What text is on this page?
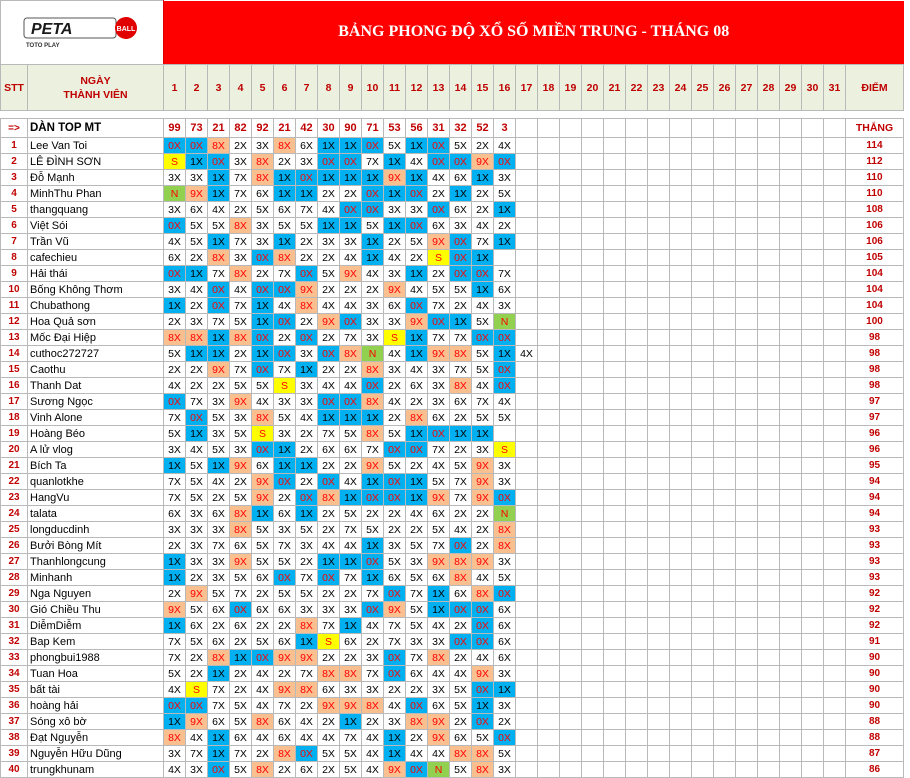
PETA BALL
TOTO PLAY		BẢNG PHONG ĐỘ XỔ SỐ MIỀN TRUNG - THÁNG 08																															
STT	NGÀY
THÀNH VIÊN	1	2	3	4	5	6	7	8	9	10	11	12	13	14	15	16	17	18	19	20	21	22	23	24	25	26	27	28	29	30	31	ĐIỂM

=>	DÀN TOP MT	99	73	21	82	92	21	42	30	90	71	53	56	31	32	52	3																THẮNG
1	Lee Van Toi	0X	0X	8X	2X	3X	8X	6X	1X	1X	0X	5X	1X	0X	5X	2X	4X																114
2	LÊ ĐÌNH SƠN	S	1X	0X	3X	8X	2X	3X	0X	0X	7X	1X	4X	0X	0X	9X	0X																112
3	Đỗ Mạnh	3X	3X	1X	7X	8X	1X	0X	1X	1X	1X	9X	1X	4X	6X	1X	3X																110
4	MinhThu Phan	N	9X	1X	7X	6X	1X	1X	2X	2X	0X	1X	0X	2X	1X	2X	5X																110
5	thangquang	3X	6X	4X	2X	5X	6X	7X	4X	0X	0X	3X	3X	0X	6X	2X	1X																108
6	Việt Sói	0X	5X	5X	8X	3X	5X	5X	1X	1X	5X	1X	0X	6X	3X	4X	2X																106
7	Trần Vũ	4X	5X	1X	7X	3X	1X	2X	3X	3X	1X	2X	5X	9X	0X	7X	1X																106
8	cafechieu	6X	2X	8X	3X	0X	8X	2X	2X	4X	1X	4X	2X	S	0X	1X																	105
9	Hải thái	0X	1X	7X	8X	2X	7X	0X	5X	9X	4X	3X	1X	2X	0X	0X	7X																104
10	Bống Không Thơm	3X	4X	0X	4X	0X	0X	9X	2X	2X	2X	9X	4X	5X	5X	1X	6X																104
11	Chubathong	1X	2X	0X	7X	1X	4X	8X	4X	4X	3X	6X	0X	7X	2X	4X	3X																104
12	Hoa Quả sơn	2X	3X	7X	5X	1X	0X	2X	9X	0X	3X	3X	9X	0X	1X	5X	N																100
13	Mốc Đại Hiệp	8X	8X	1X	8X	0X	2X	0X	2X	7X	3X	S	1X	7X	7X	0X	0X																98
14	cuthoc272727	5X	1X	1X	2X	1X	0X	3X	0X	8X	N	4X	1X	9X	8X	5X	1X	4X															98
15	Caothu	2X	2X	9X	7X	0X	7X	1X	2X	2X	8X	3X	4X	3X	7X	5X	0X																98
16	Thanh Dat	4X	2X	2X	5X	5X	S	3X	4X	4X	0X	2X	6X	3X	8X	4X	0X																98
17	Sương Ngọc	0X	7X	3X	9X	4X	3X	3X	0X	0X	8X	4X	2X	3X	6X	7X	4X																97
18	Vinh Alone	7X	0X	5X	3X	8X	5X	4X	1X	1X	1X	2X	8X	6X	2X	5X	5X																97
19	Hoàng Béo	5X	1X	3X	5X	S	3X	2X	7X	5X	8X	5X	1X	0X	1X	1X																	96
20	A lử vlog	3X	4X	5X	3X	0X	1X	2X	6X	6X	7X	0X	0X	7X	2X	3X	S																96
21	Bích Ta	1X	5X	1X	9X	6X	1X	1X	2X	2X	9X	5X	2X	4X	5X	9X	3X																95
22	quanlotkhe	7X	5X	4X	2X	9X	0X	2X	0X	4X	1X	0X	1X	5X	7X	9X	3X																94
23	HangVu	7X	5X	2X	5X	9X	2X	0X	8X	1X	0X	0X	1X	9X	7X	9X	0X																94
24	talata	6X	3X	6X	8X	1X	6X	1X	2X	5X	2X	2X	4X	6X	2X	2X	N																94
25	longducdinh	3X	3X	3X	8X	5X	3X	5X	2X	7X	5X	2X	2X	5X	4X	2X	8X																93
26	Bưởi Bòng Mít	2X	3X	7X	6X	5X	7X	3X	4X	4X	1X	3X	5X	7X	0X	2X	8X																93
27	Thanhlongcung	1X	3X	3X	9X	5X	5X	2X	1X	1X	0X	5X	3X	9X	8X	9X	3X																93
28	Minhanh	1X	2X	3X	5X	6X	0X	7X	0X	7X	1X	6X	5X	6X	8X	4X	5X																93
29	Nga Nguyen	2X	9X	5X	7X	2X	5X	5X	2X	2X	7X	0X	7X	1X	6X	8X	0X																92
30	Gió Chiều Thu	9X	5X	6X	0X	6X	6X	3X	3X	3X	0X	9X	5X	1X	0X	0X	6X																92
31	DiễmDiễm	1X	6X	2X	6X	2X	2X	8X	7X	1X	4X	7X	5X	4X	2X	0X	6X																92
32	Bap Kem	7X	5X	6X	2X	5X	6X	1X	S	6X	2X	7X	3X	3X	0X	0X	6X																91
33	phongbui1988	7X	2X	8X	1X	0X	9X	9X	2X	2X	3X	0X	7X	8X	2X	4X	6X																90
34	Tuan Hoa	5X	2X	1X	2X	4X	2X	7X	8X	8X	7X	0X	6X	4X	4X	9X	3X																90
35	bất tài	4X	S	7X	2X	4X	9X	8X	6X	3X	3X	2X	2X	3X	5X	0X	1X																90
36	hoàng hải	0X	0X	7X	5X	4X	7X	2X	9X	9X	8X	4X	0X	6X	5X	1X	3X																90
37	Sóng xô bờ	1X	9X	6X	5X	8X	6X	4X	2X	1X	2X	3X	8X	9X	2X	0X	2X																88
38	Đạt Nguyễn	8X	4X	1X	6X	4X	6X	4X	4X	7X	4X	1X	2X	9X	6X	5X	0X																88
39	Nguyễn Hữu Dũng	3X	7X	1X	7X	2X	8X	0X	5X	5X	4X	1X	4X	4X	8X	8X	5X																87
40	trungkhunam	4X	3X	0X	5X	8X	2X	6X	2X	5X	4X	9X	0X	N	5X	8X	3X																86
